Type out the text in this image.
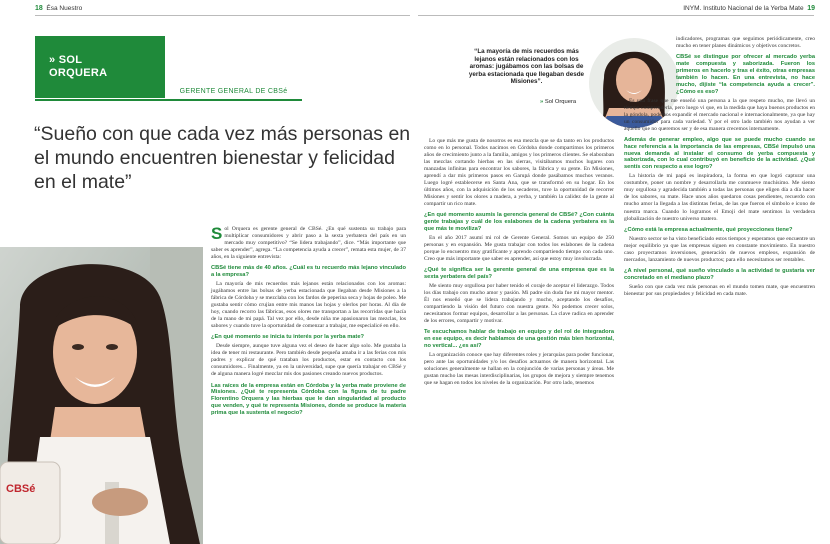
18 Ésa Nuestro	INYM. Instituto Nacional de la Yerba Mate 19
» SOL
ORQUERA
GERENTE GENERAL DE CBSé
“Sueño con que cada vez más personas en el mundo encuentren bienestar y felicidad en el mate”
CBSé

Sol Orquera es gerente general de CBSé. ¿En qué sustenta su trabajo para multiplicar consumidores y abrir paso a la sexta yerbatera del país en un mercado muy competitivo? “Se lidera trabajando”, dice. “Más importante que saber es aprender”, agrega. “La competencia ayuda a crecer”, remata esta mujer, de 37 años, en la siguiente entrevista:

CBSé tiene más de 40 años. ¿Cuál es tu recuerdo más lejano vinculado a la empresa?

La mayoría de mis recuerdos más lejanos están relacionados con los aromas: jugábamos entre las bolsas de yerba estacionada que llegaban desde Misiones a la fábrica de Córdoba y se mezclaba con los fardos de peperina seca y hojas de poleo. Me gustaba sentir cómo crujían entre mis manos las hojas y olerlos por horas. Al día de hoy, cuando recorro las fábricas, esos olores me transportan a las recorridas que hacía de la mano de mi papá. Tal vez por ello, desde niña me apasionaron las mezclas, los sabores y cuando tuve la oportunidad de comenzar a trabajar, me especialicé en ello.

¿En qué momento se inicia tu interés por la yerba mate?

Desde siempre, aunque tuve alguna vez el deseo de hacer algo solo. Me gustaba la idea de tener mi restaurante. Pero también desde pequeña amaba ir a las ferias con mis padres y explicar de qué trataban los productos, estar en contacto con los consumidores... Finalmente, ya en la universidad, supe que quería trabajar en CBSé y de alguna manera logré mezclar mis dos pasiones creando nuevos productos.

Las raíces de la empresa están en Córdoba y la yerba mate proviene de Misiones. ¿Qué te representa Córdoba con la figura de tu padre Florentino Orquera y las hierbas que le dan singularidad al producto que venden, y qué te representa Misiones, donde se produce la materia prima que la sustenta el negocio?

“La mayoría de mis recuerdos más lejanos están relacionados con los aromas: jugábamos con las bolsas de yerba estacionada que llegaban desde Misiones”.
» Sol Orquera

Lo que más me gusta de nosotros es esa mezcla que se da tanto en los productos como en lo personal. Todos nacimos en Córdoba donde compartimos los primeros años de crecimiento junto a la familia, amigos y los primeros clientes. Se elaboraban las mezclas cortando hierbas en las sierras, visitábamos muchos lugares con manzadas infinitas para encontrar los sabores, la fábrica y su gente. En Misiones, aprendí a dar mis primeros pasos en Garupá donde pasábamos muchos veranos. Luego logré establecerse en Santa Ana, que se transformó en su hogar. En los últimos años, con la adquisición de los secaderos, tuve la oportunidad de recorrer Misiones y sentir los olores a madera, a yerba, y también la calidez de la gente al compartir un rico mate.

¿En qué momento asumís la gerencia general de CBSé? ¿Con cuánta gente trabajas y cuál de los eslabones de la cadena yerbatera es la que más te moviliza?

En el año 2017 asumí mi rol de Gerente General. Somos un equipo de 250 personas y en expansión. Me gusta trabajar con todos los eslabones de la cadena porque lo encuentro muy gratificante y aprendo compartiendo tiempo con cada uno. Creo que más importante que saber es aprender, así que estoy muy involucrada.

¿Qué te significa ser la gerente general de una empresa que es la sexta yerbatera del país?

Me siento muy orgullosa por haber tenido el coraje de aceptar el liderazgo. Todos los días trabajo con mucho amor y pasión. Mi padre sin duda fue mi mayor mentor. Él nos enseñó que se lidera trabajando y mucho, aceptando los desafíos, compartiendo la visión del futuro con nuestra gente. No podemos crecer solos, necesitamos formar equipos, desarrollar a las personas. La clave radica en aprender de los errores, compartir y motivar.

Te escuchamos hablar de trabajo en equipo y del rol de integradora en ese equipo, es decir hablamos de una gestión más bien horizontal, no vertical... ¿es así?

La organización conoce que hay diferentes roles y jerarquías para poder funcionar, pero ante las oportunidades y/o los desafíos actuamos de manera horizontal. Las soluciones generalmente se hallan en la conjunción de varias personas y áreas. Me gustan mucho las mesas interdisciplinarias, los grupos de mejora y siempre tenemos que se hagan en todos los niveles de la organización. Por otro lado, tenemos

indicadores, programas que seguimos periódicamente, creo mucho en tener planes dinámicos y objetivos concretos.

CBSé se distingue por ofrecer al mercado yerba mate compuesta y saborizada. Fueron los primeros en hacerlo y tras el éxito, otras empresas también lo hacen. En una entrevista, no hace mucho, dijiste “la competencia ayuda a crecer”. ¿Cómo es eso?

Es una frase que me enseñó una persona a la que respeto mucho, me llevó un tiempo comprenderla, pero luego vi que, en la medida que haya buenos productos en la góndola, podemos expandir el mercado nacional e internacionalmente, ya que hay un consumidor para cada variedad. Y por el otro lado también nos ayudan a ver aquello que no queremos ser y de esa manera crecemos internamente.

Además de generar empleo, algo que se puede mucho cuando se hace referencia a la importancia de las empresas, CBSé impulsó una nueva demanda al instalar el consumo de yerba compuesta y saborizada, con lo cual contribuyó en beneficio de la actividad. ¿Qué sentís con respecto a ese logro?

La historia de mi papá es inspiradora, la forma en que logró capturar una costumbre, poner un nombre y desarrollarla me conmueve muchísimo. Me siento muy orgullosa y agradecida también a todas las personas que eligen día a día hacer de los sabores, su mate. Hace unos años quedaron cosas pendientes, recuerdo con mucho amor la llegada a las distintas ferias, de las que fueron el símbolo e icono de nuestra marca. Cuando lo logramos el Emoji del mate sentimos la verdadera globalización de nuestro universo matero.

¿Cómo está la empresa actualmente, qué proyecciones tiene?

Nuestro sector se ha visto beneficiado estos tiempos y esperamos que encuentre un mejor equilibrio ya que las empresas siguen en constante movimiento. En nuestro caso proyectamos inversiones, generación de nuevos empleos, expansión de mercados, lanzamiento de nuevos productos; para ello necesitamos ser rentables.

¿A nivel personal, qué sueño vinculado a la actividad te gustaría ver concretado en el mediano plazo?

Sueño con que cada vez más personas en el mundo tomen mate, que encuentren bienestar por sus propiedades y felicidad en cada mate.
